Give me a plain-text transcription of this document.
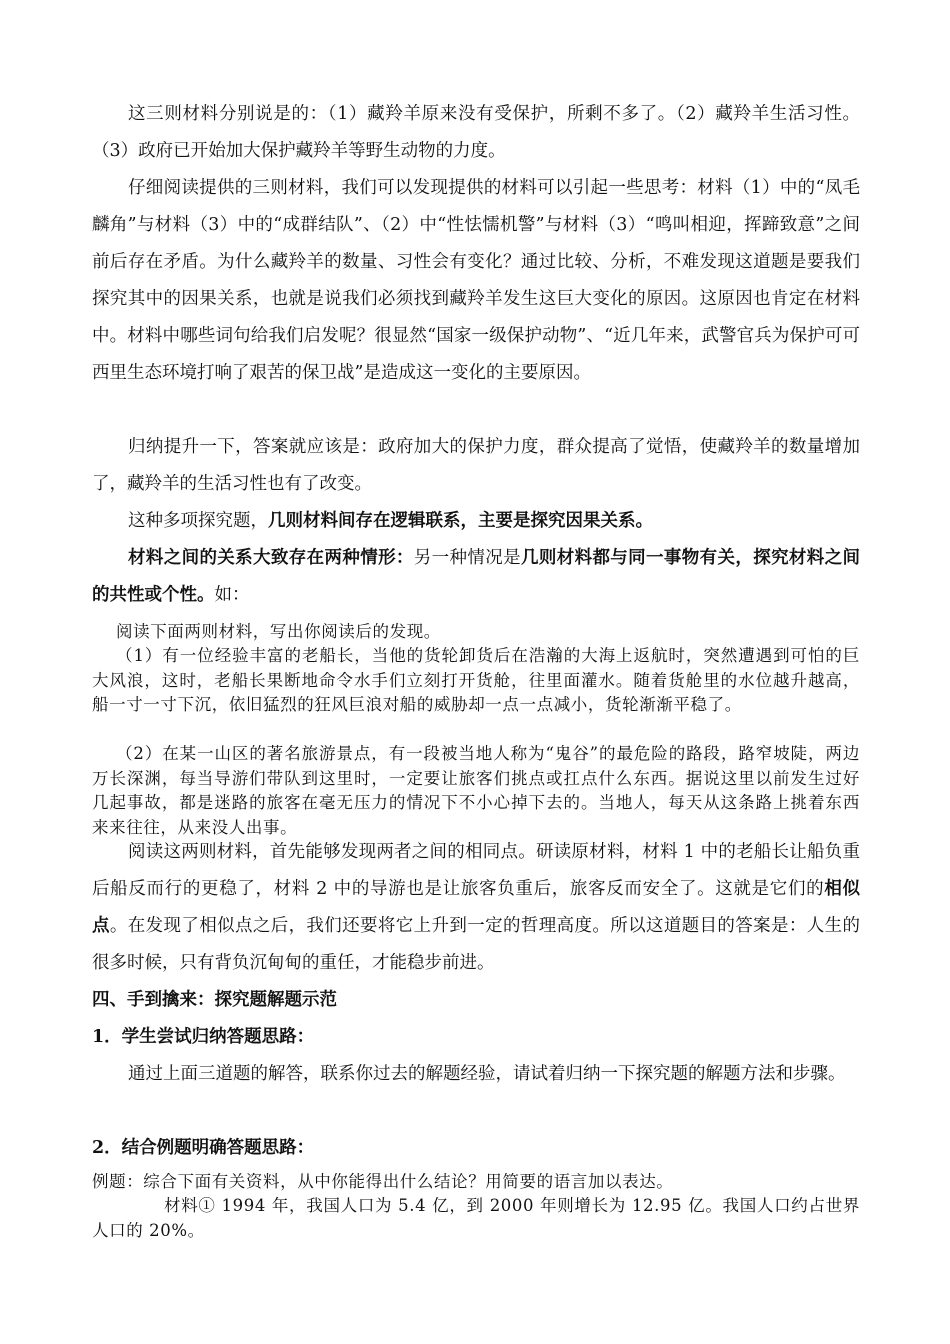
这三则材料分别说是的：（1）藏羚羊原来没有受保护，所剩不多了。（2）藏羚羊生活习性。（3）政府已开始加大保护藏羚羊等野生动物的力度。

仔细阅读提供的三则材料，我们可以发现提供的材料可以引起一些思考：材料（1）中的“凤毛麟角”与材料（3）中的“成群结队”、（2）中“性怯懦机警”与材料（3）“鸣叫相迎，挥蹄致意”之间前后存在矛盾。为什么藏羚羊的数量、习性会有变化？通过比较、分析，不难发现这道题是要我们探究其中的因果关系，也就是说我们必须找到藏羚羊发生这巨大变化的原因。这原因也肯定在材料中。材料中哪些词句给我们启发呢？很显然“国家一级保护动物”、“近几年来，武警官兵为保护可可西里生态环境打响了艰苦的保卫战”是造成这一变化的主要原因。

归纳提升一下，答案就应该是：政府加大的保护力度，群众提高了觉悟，使藏羚羊的数量增加了，藏羚羊的生活习性也有了改变。

这种多项探究题，几则材料间存在逻辑联系，主要是探究因果关系。

材料之间的关系大致存在两种情形：另一种情况是几则材料都与同一事物有关，探究材料之间的共性或个性。如：

阅读下面两则材料，写出你阅读后的发现。

（1）有一位经验丰富的老船长，当他的货轮卸货后在浩瀚的大海上返航时，突然遭遇到可怕的巨大风浪，这时，老船长果断地命令水手们立刻打开货舱，往里面灌水。随着货舱里的水位越升越高，船一寸一寸下沉，依旧猛烈的狂风巨浪对船的威胁却一点一点减小，货轮渐渐平稳了。

（2）在某一山区的著名旅游景点，有一段被当地人称为“鬼谷”的最危险的路段，路窄坡陡，两边万长深渊，每当导游们带队到这里时，一定要让旅客们挑点或扛点什么东西。据说这里以前发生过好几起事故，都是迷路的旅客在毫无压力的情况下不小心掉下去的。当地人，每天从这条路上挑着东西来来往往，从来没人出事。

阅读这两则材料，首先能够发现两者之间的相同点。研读原材料，材料 1 中的老船长让船负重后船反而行的更稳了，材料 2 中的导游也是让旅客负重后，旅客反而安全了。这就是它们的相似点。在发现了相似点之后，我们还要将它上升到一定的哲理高度。所以这道题目的答案是：人生的很多时候，只有背负沉甸甸的重任，才能稳步前进。

四、手到擒来：探究题解题示范

1．学生尝试归纳答题思路：

通过上面三道题的解答，联系你过去的解题经验，请试着归纳一下探究题的解题方法和步骤。

2．结合例题明确答题思路：

例题：综合下面有关资料，从中你能得出什么结论？用简要的语言加以表达。

材料① 1994 年，我国人口为 5.4 亿，到 2000 年则增长为 12.95 亿。我国人口约占世界人口的 20%。
